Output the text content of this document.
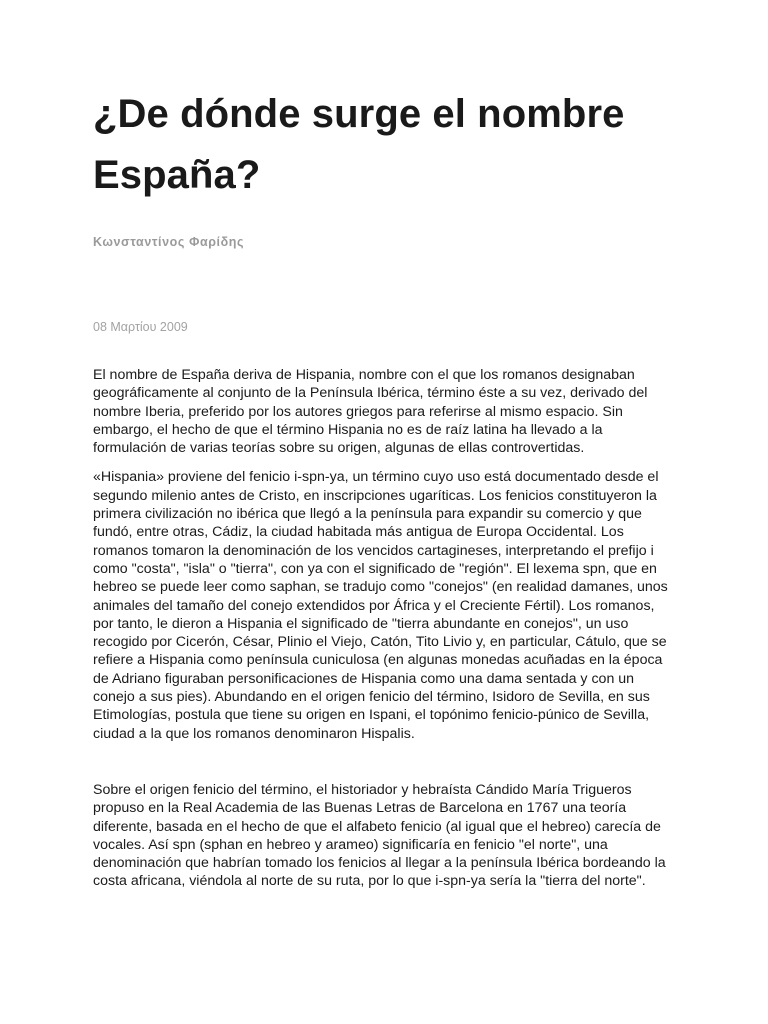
¿De dónde surge el nombre España?
Κωνσταντίνος Φαρίδης
08 Μαρτίου 2009

El nombre de España deriva de Hispania, nombre con el que los romanos designaban geográficamente al conjunto de la Península Ibérica, término éste a su vez, derivado del nombre Iberia, preferido por los autores griegos para referirse al mismo espacio. Sin embargo, el hecho de que el término Hispania no es de raíz latina ha llevado a la formulación de varias teorías sobre su origen, algunas de ellas controvertidas.

«Hispania» proviene del fenicio i-spn-ya, un término cuyo uso está documentado desde el segundo milenio antes de Cristo, en inscripciones ugaríticas. Los fenicios constituyeron la primera civilización no ibérica que llegó a la península para expandir su comercio y que fundó, entre otras, Cádiz, la ciudad habitada más antigua de Europa Occidental. Los romanos tomaron la denominación de los vencidos cartagineses, interpretando el prefijo i como "costa", "isla" o "tierra", con ya con el significado de "región". El lexema spn, que en hebreo se puede leer como saphan, se tradujo como "conejos" (en realidad damanes, unos animales del tamaño del conejo extendidos por África y el Creciente Fértil). Los romanos, por tanto, le dieron a Hispania el significado de "tierra abundante en conejos", un uso recogido por Cicerón, César, Plinio el Viejo, Catón, Tito Livio y, en particular, Cátulo, que se refiere a Hispania como península cuniculosa (en algunas monedas acuñadas en la época de Adriano figuraban personificaciones de Hispania como una dama sentada y con un conejo a sus pies). Abundando en el origen fenicio del término, Isidoro de Sevilla, en sus Etimologías, postula que tiene su origen en Ispani, el topónimo fenicio-púnico de Sevilla, ciudad a la que los romanos denominaron Hispalis.

Sobre el origen fenicio del término, el historiador y hebraísta Cándido María Trigueros propuso en la Real Academia de las Buenas Letras de Barcelona en 1767 una teoría diferente, basada en el hecho de que el alfabeto fenicio (al igual que el hebreo) carecía de vocales. Así spn (sphan en hebreo y arameo) significaría en fenicio "el norte", una denominación que habrían tomado los fenicios al llegar a la península Ibérica bordeando la costa africana, viéndola al norte de su ruta, por lo que i-spn-ya sería la "tierra del norte".
